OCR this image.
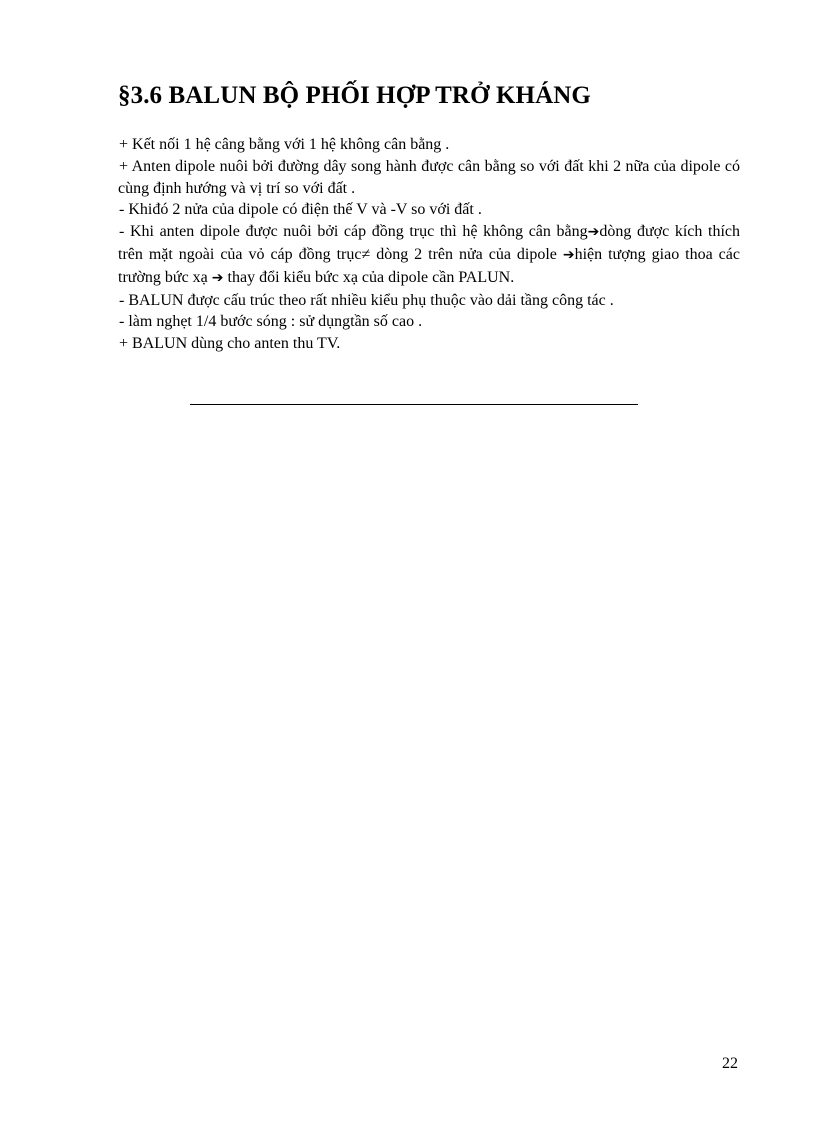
§3.6 BALUN BỘ PHỐI HỢP TRỞ KHÁNG

+ Kết nối 1 hệ câng bằng với 1 hệ không cân bằng .

+ Anten dipole nuôi bởi đường dây song hành được cân bằng so với đất khi 2 nữa của dipole có cùng định hướng và vị trí so với đất .

- Khiđó 2 nửa của dipole có điện thế V và -V so với đất .

- Khi anten dipole được nuôi bởi cáp đồng trục thì hệ không cân bằng➔dòng được kích thích trên mặt ngoài của vỏ cáp đồng trục≠ dòng 2 trên nửa của dipole ➔hiện tượng giao thoa các trường bức xạ ➔ thay đổi kiểu bức xạ của dipole cần PALUN.

- BALUN được cấu trúc theo rất nhiều kiểu phụ thuộc vào dải tầng công tác .

- làm nghẹt 1/4 bước sóng : sử dụngtần số cao .

+ BALUN dùng cho anten thu TV.

22
